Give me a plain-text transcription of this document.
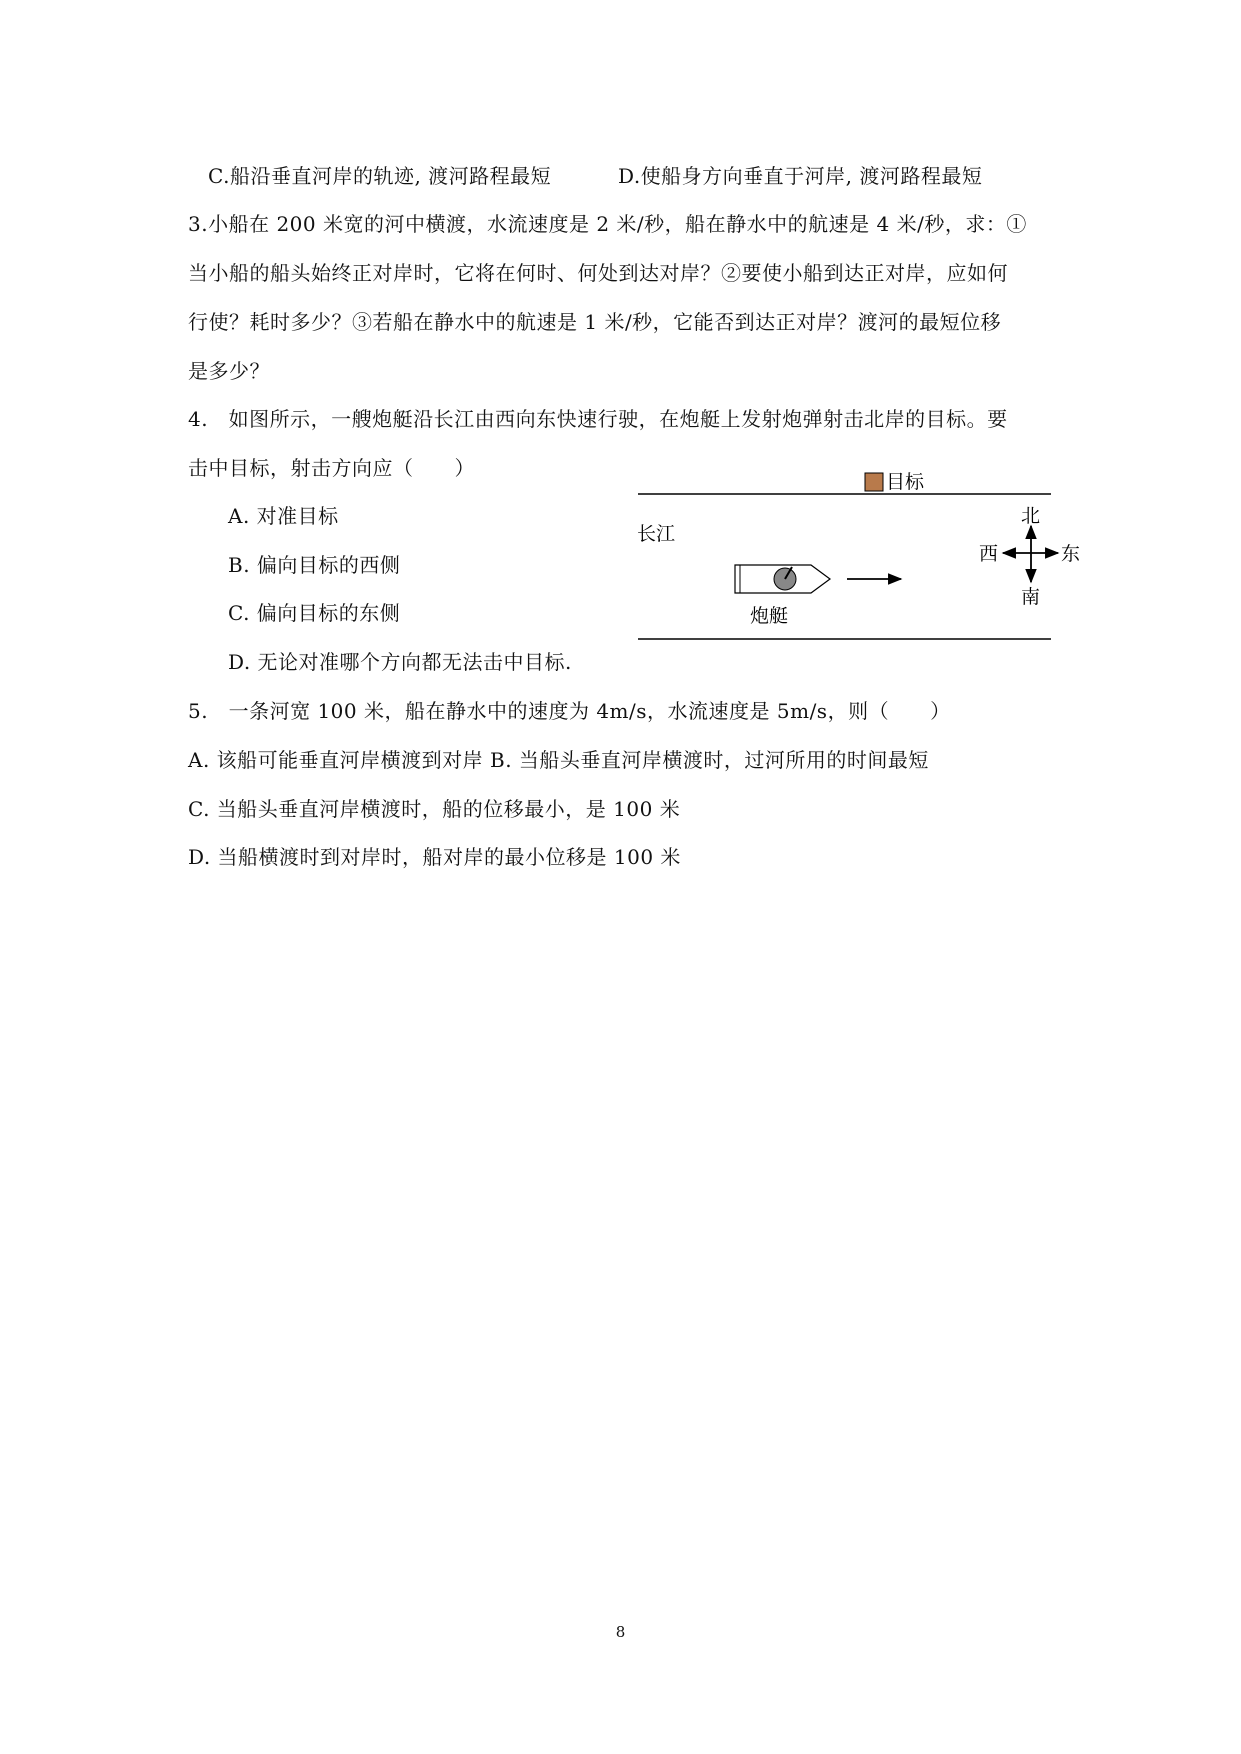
C.船沿垂直河岸的轨迹, 渡河路程最短	D.使船身方向垂直于河岸, 渡河路程最短
3.小船在 200 米宽的河中横渡，水流速度是 2 米/秒，船在静水中的航速是 4 米/秒，求：①
当小船的船头始终正对岸时，它将在何时、何处到达对岸？②要使小船到达正对岸，应如何
行使？耗时多少？③若船在静水中的航速是 1 米/秒，它能否到达正对岸？渡河的最短位移
是多少？
4.　如图所示，一艘炮艇沿长江由西向东快速行驶，在炮艇上发射炮弹射击北岸的目标。要
击中目标，射击方向应（　　）
A. 对准目标
B. 偏向目标的西侧
C. 偏向目标的东侧
D. 无论对准哪个方向都无法击中目标.
目标
长江
炮艇
北
南
西	东
5.　一条河宽 100 米，船在静水中的速度为 4m/s，水流速度是 5m/s，则（　　）
A. 该船可能垂直河岸横渡到对岸 B. 当船头垂直河岸横渡时，过河所用的时间最短
C. 当船头垂直河岸横渡时，船的位移最小，是 100 米
D. 当船横渡时到对岸时，船对岸的最小位移是 100 米
8
